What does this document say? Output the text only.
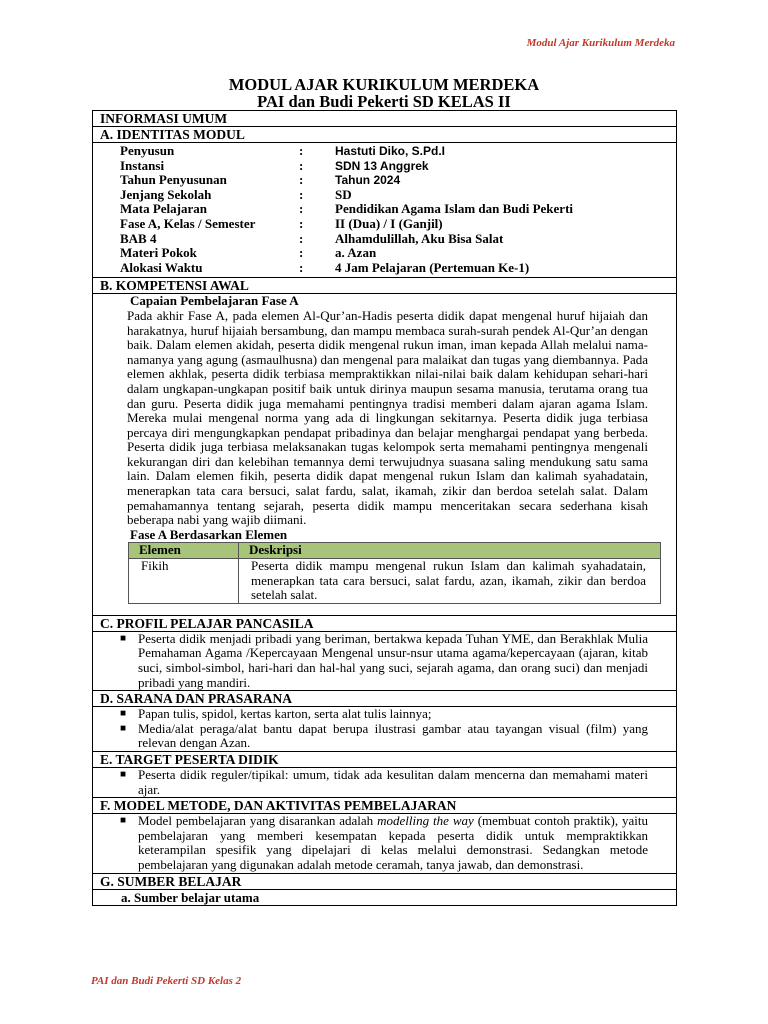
Modul Ajar Kurikulum Merdeka
MODUL AJAR KURIKULUM MERDEKA
PAI dan Budi Pekerti SD KELAS II
INFORMASI UMUM
A. IDENTITAS MODUL
Penyusun	:	Hastuti Diko, S.Pd.I
Instansi	:	SDN 13 Anggrek
Tahun Penyusunan	:	Tahun 2024
Jenjang Sekolah	:	SD
Mata Pelajaran	:	Pendidikan Agama Islam dan Budi Pekerti
Fase A, Kelas / Semester	:	II (Dua) / I (Ganjil)
BAB 4	:	Alhamdulillah, Aku Bisa Salat
Materi Pokok	:	a. Azan
Alokasi Waktu	:	4 Jam Pelajaran (Pertemuan Ke-1)
B. KOMPETENSI AWAL
Capaian Pembelajaran Fase A
Pada akhir Fase A, pada elemen Al-Qur’an-Hadis peserta didik dapat mengenal huruf hijaiah dan harakatnya, huruf hijaiah bersambung, dan mampu membaca surah-surah pendek Al-Qur’an dengan baik. Dalam elemen akidah, peserta didik mengenal rukun iman, iman kepada Allah melalui nama-namanya yang agung (asmaulhusna) dan mengenal para malaikat dan tugas yang diembannya. Pada elemen akhlak, peserta didik terbiasa mempraktikkan nilai-nilai baik dalam kehidupan sehari-hari dalam ungkapan-ungkapan positif baik untuk dirinya maupun sesama manusia, terutama orang tua dan guru. Peserta didik juga memahami pentingnya tradisi memberi dalam ajaran agama Islam. Mereka mulai mengenal norma yang ada di lingkungan sekitarnya. Peserta didik juga terbiasa percaya diri mengungkapkan pendapat pribadinya dan belajar menghargai pendapat yang berbeda. Peserta didik juga terbiasa melaksanakan tugas kelompok serta memahami pentingnya mengenali kekurangan diri dan kelebihan temannya demi terwujudnya suasana saling mendukung satu sama lain. Dalam elemen fikih, peserta didik dapat mengenal rukun Islam dan kalimah syahadatain, menerapkan tata cara bersuci, salat fardu, salat, ikamah, zikir dan berdoa setelah salat. Dalam pemahamannya tentang sejarah, peserta didik mampu menceritakan secara sederhana kisah beberapa nabi yang wajib diimani.
Fase A Berdasarkan Elemen
Elemen	Deskripsi
Fikih	Peserta didik mampu mengenal rukun Islam dan kalimah syahadatain, menerapkan tata cara bersuci, salat fardu, azan, ikamah, zikir dan berdoa setelah salat.
C. PROFIL PELAJAR PANCASILA
■ Peserta didik menjadi pribadi yang beriman, bertakwa kepada Tuhan YME, dan Berakhlak Mulia Pemahaman Agama /Kepercayaan Mengenal unsur-nsur utama agama/kepercayaan (ajaran, kitab suci, simbol-simbol, hari-hari dan hal-hal yang suci, sejarah agama, dan orang suci) dan menjadi pribadi yang mandiri.
D. SARANA DAN PRASARANA
■ Papan tulis, spidol, kertas karton, serta alat tulis lainnya;
■ Media/alat peraga/alat bantu dapat berupa ilustrasi gambar atau tayangan visual (film) yang relevan dengan Azan.
E. TARGET PESERTA DIDIK
■ Peserta didik reguler/tipikal: umum, tidak ada kesulitan dalam mencerna dan memahami materi ajar.
F. MODEL METODE, DAN AKTIVITAS PEMBELAJARAN
■ Model pembelajaran yang disarankan adalah modelling the way (membuat contoh praktik), yaitu pembelajaran yang memberi kesempatan kepada peserta didik untuk mempraktikkan keterampilan spesifik yang dipelajari di kelas melalui demonstrasi. Sedangkan metode pembelajaran yang digunakan adalah metode ceramah, tanya jawab, dan demonstrasi.
G. SUMBER BELAJAR
a. Sumber belajar utama
PAI dan Budi Pekerti SD Kelas 2
